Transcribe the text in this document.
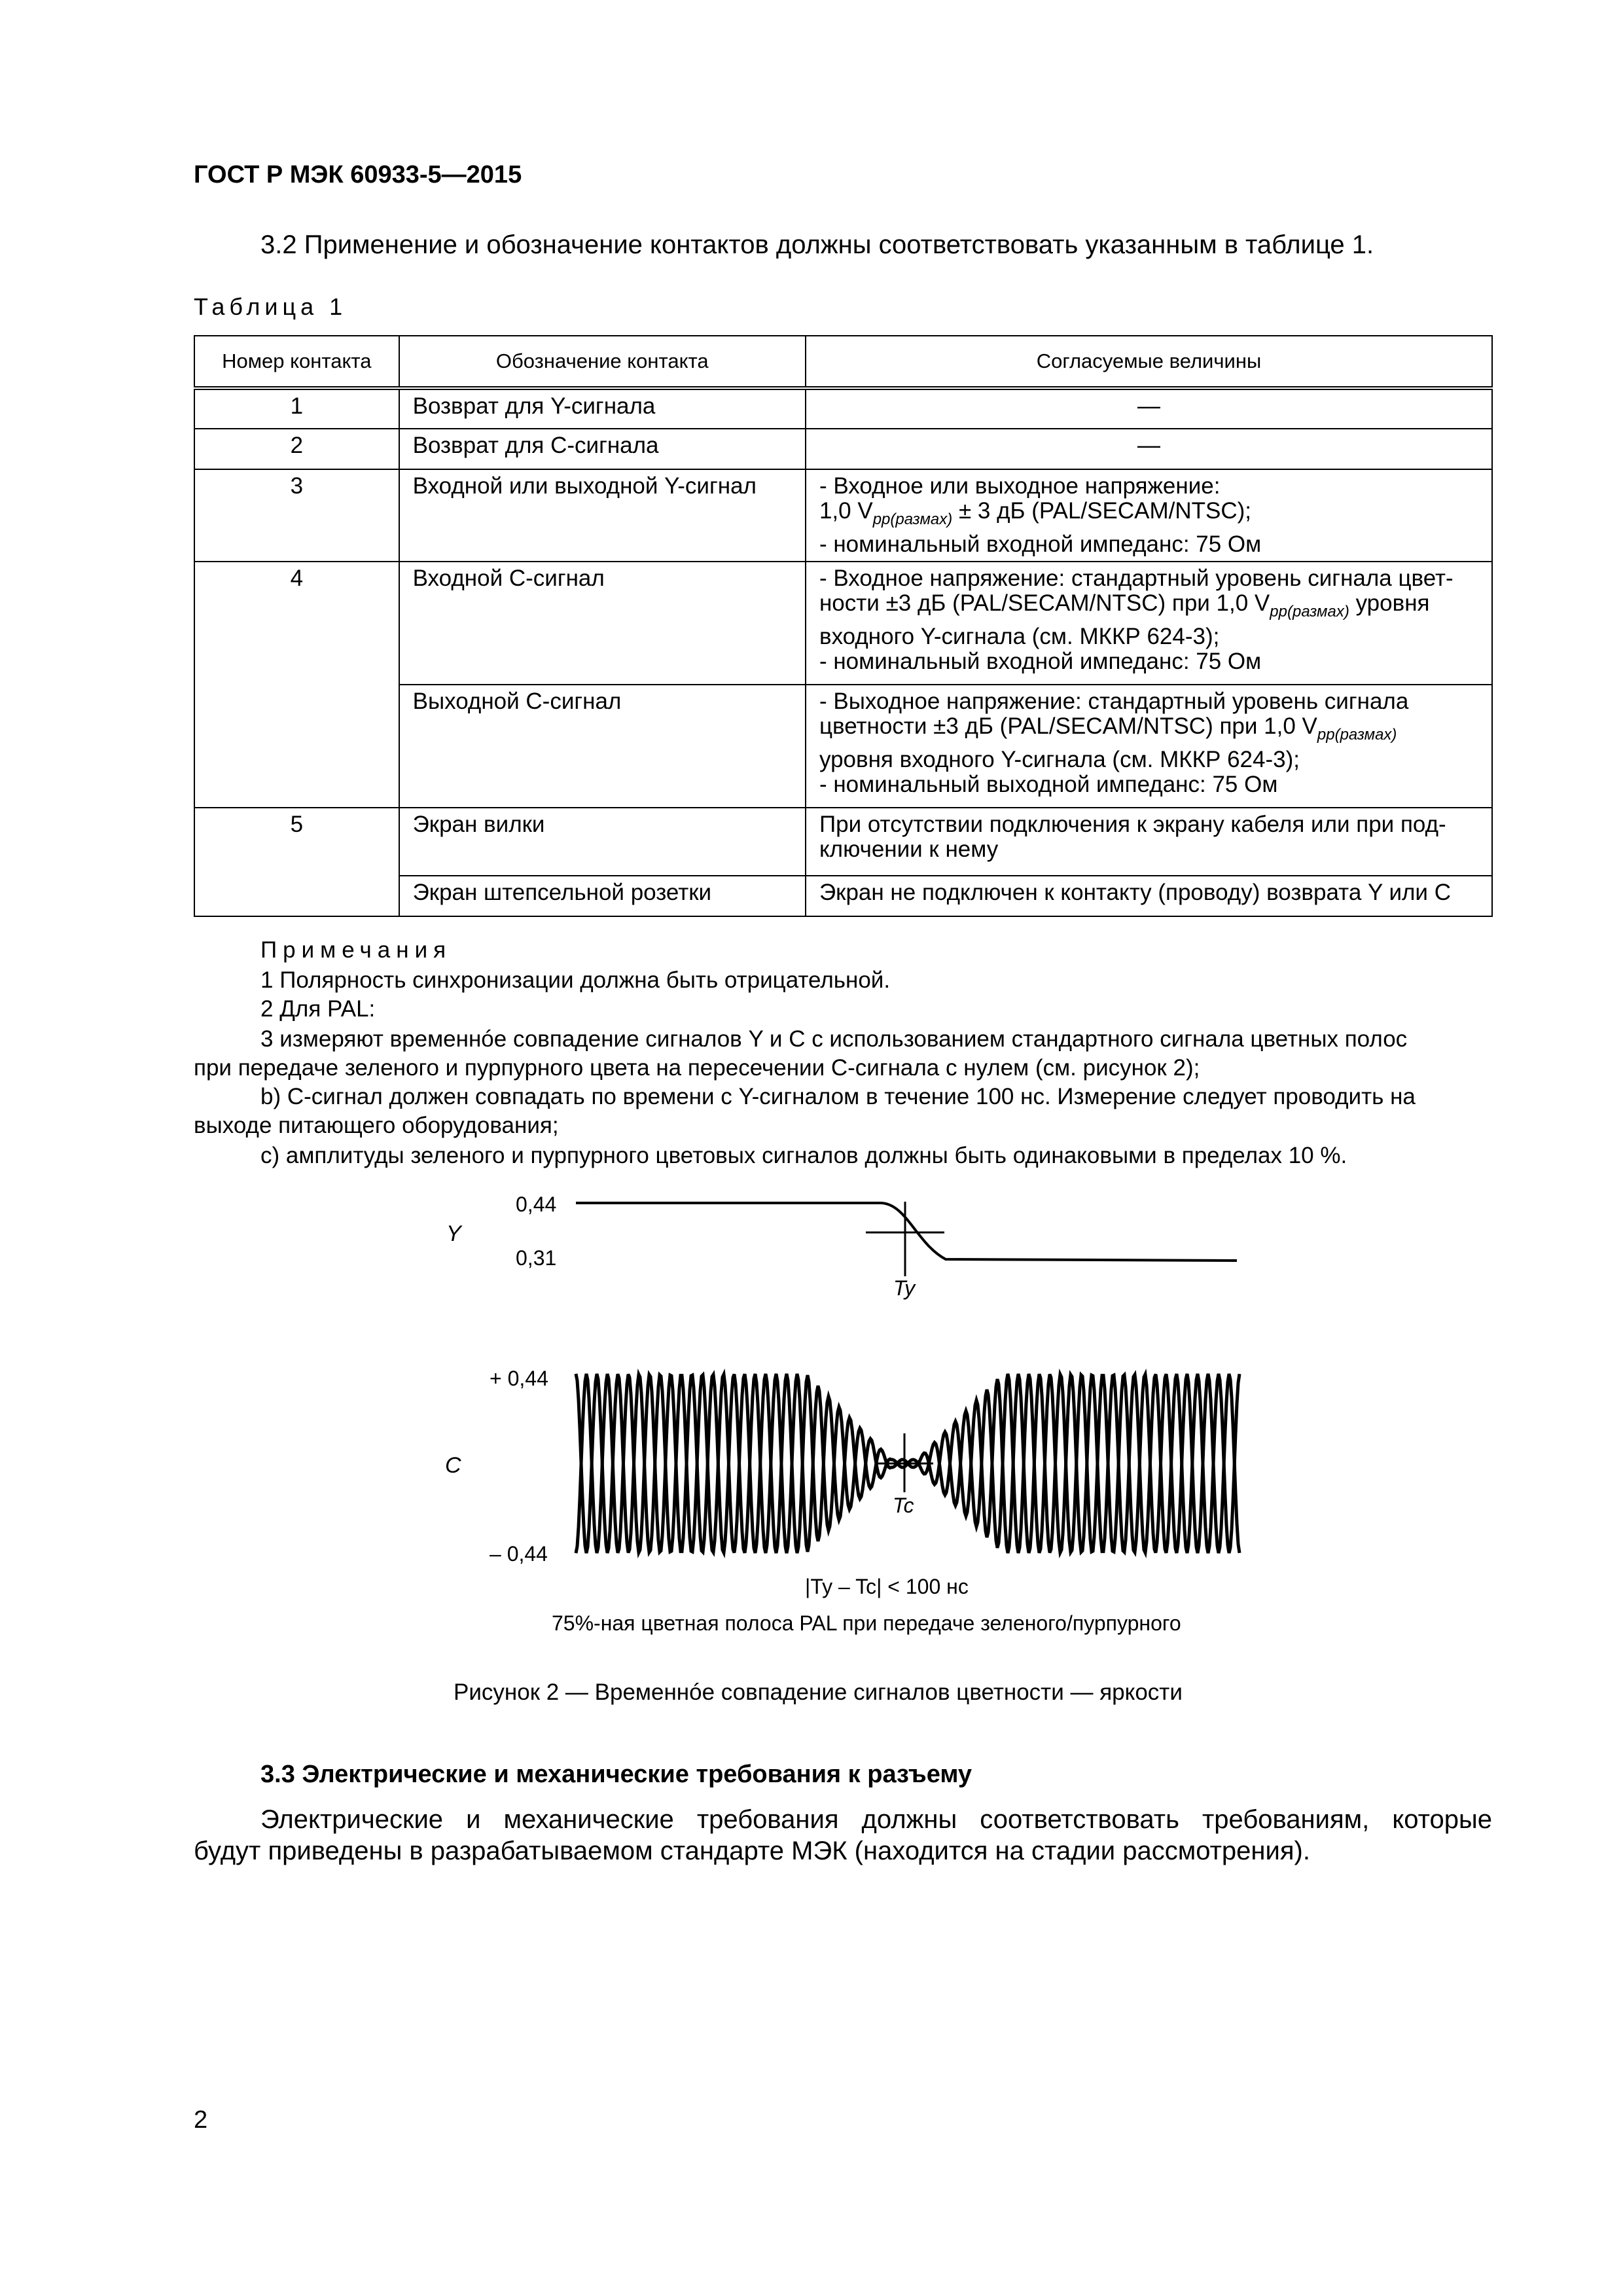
ГОСТ Р МЭК 60933-5—2015
3.2 Применение и обозначение контактов должны соответствовать указанным в таблице 1.
Таблица 1
Номер контакта	Обозначение контакта	Согласуемые величины
1	Возврат для Y-сигнала	—
2	Возврат для C-сигнала	—
3	Входной или выходной Y-сигнал	- Входное или выходное напряжение:
1,0 $V_{pp(размах)} \pm 3$ дБ (PAL/SECAM/NTSC);
- номинальный входной импеданс: 75 Ом

4	Входной C-сигнал	- Входное напряжение: стандартный уровень сигнала цвет-
ности ±3 дБ (PAL/SECAM/NTSC) при 1,0 $V_{pp(размах)}$ уровня
входного Y-сигнала (см. МККР 624-3);
- номинальный входной импеданс: 75 Ом

	Выходной C-сигнал	- Выходное напряжение: стандартный уровень сигнала
цветности ±3 дБ (PAL/SECAM/NTSC) при 1,0 $V_{pp(размах)}$
уровня входного Y-сигнала (см. МККР 624-3);
- номинальный выходной импеданс: 75 Ом

5	Экран вилки	При отсутствии подключения к экрану кабеля или при под-
ключении к нему

	Экран штепсельной розетки	Экран не подключен к контакту (проводу) возврата Y или C
Примечания
1 Полярность синхронизации должна быть отрицательной.
2 Для PAL:
3 измеряют временнóе совпадение сигналов Y и C с использованием стандартного сигнала цветных полос
при передаче зеленого и пурпурного цвета на пересечении C-сигнала с нулем (см. рисунок 2);
b) C-сигнал должен совпадать по времени с Y-сигналом в течение 100 нс. Измерение следует проводить на
выходе питающего оборудования;
c) амплитуды зеленого и пурпурного цветовых сигналов должны быть одинаковыми в пределах 10 %.
Y
0,44
0,31
Ty
C
+ 0,44
– 0,44
Tc
|Ty – Tc| < 100 нс
75%-ная цветная полоса PAL при передаче зеленого/пурпурного
Рисунок 2 — Временнóе совпадение сигналов цветности — яркости
3.3 Электрические и механические требования к разъему
Электрические и механические требования должны соответствовать требованиям, которые
будут приведены в разрабатываемом стандарте МЭК (находится на стадии рассмотрения).
2
